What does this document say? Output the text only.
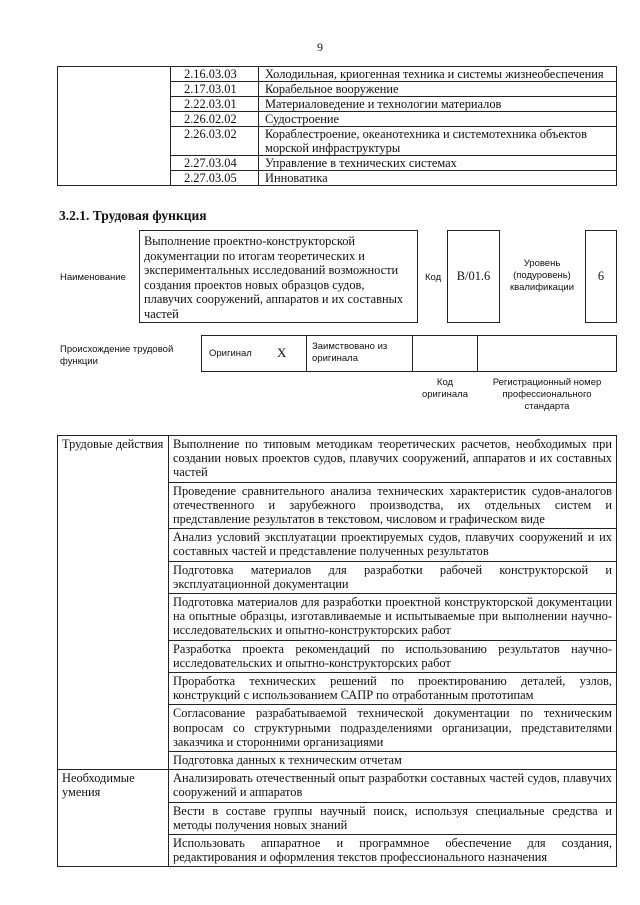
9
	2.16.03.03	Холодильная, криогенная техника и системы жизнеобеспечения
	2.17.03.01	Корабельное вооружение
	2.22.03.01	Материаловедение и технологии материалов
	2.26.02.02	Судостроение
	2.26.03.02	Кораблестроение, океанотехника и системотехника объектов морской инфраструктуры
	2.27.03.04	Управление в технических системах
	2.27.03.05	Инноватика
3.2.1. Трудовая функция
Наименование
Выполнение проектно-конструкторской документации по итогам теоретических и экспериментальных исследований возможности создания проектов новых образцов судов, плавучих сооружений, аппаратов и их составных частей
Код	B/01.6
Уровень (подуровень) квалификации
6
Происхождение трудовой функции
Оригинал X	Заимствовано из оригинала
Код оригинала
Регистрационный номер профессионального стандарта
Трудовые действия	Выполнение по типовым методикам теоретических расчетов, необходимых при создании новых проектов судов, плавучих сооружений, аппаратов и их составных частей
	Проведение сравнительного анализа технических характеристик судов-аналогов отечественного и зарубежного производства, их отдельных систем и представление результатов в текстовом, числовом и графическом виде
	Анализ условий эксплуатации проектируемых судов, плавучих сооружений и их составных частей и представление полученных результатов
	Подготовка материалов для разработки рабочей конструкторской и эксплуатационной документации
	Подготовка материалов для разработки проектной конструкторской документации на опытные образцы, изготавливаемые и испытываемые при выполнении научно-исследовательских и опытно-конструкторских работ
	Разработка проекта рекомендаций по использованию результатов научно-исследовательских и опытно-конструкторских работ
	Проработка технических решений по проектированию деталей, узлов, конструкций с использованием САПР по отработанным прототипам
	Согласование разрабатываемой технической документации по техническим вопросам со структурными подразделениями организации, представителями заказчика и сторонними организациями
	Подготовка данных к техническим отчетам
Необходимые умения	Анализировать отечественный опыт разработки составных частей судов, плавучих сооружений и аппаратов
	Вести в составе группы научный поиск, используя специальные средства и методы получения новых знаний
	Использовать аппаратное и программное обеспечение для создания, редактирования и оформления текстов профессионального назначения
